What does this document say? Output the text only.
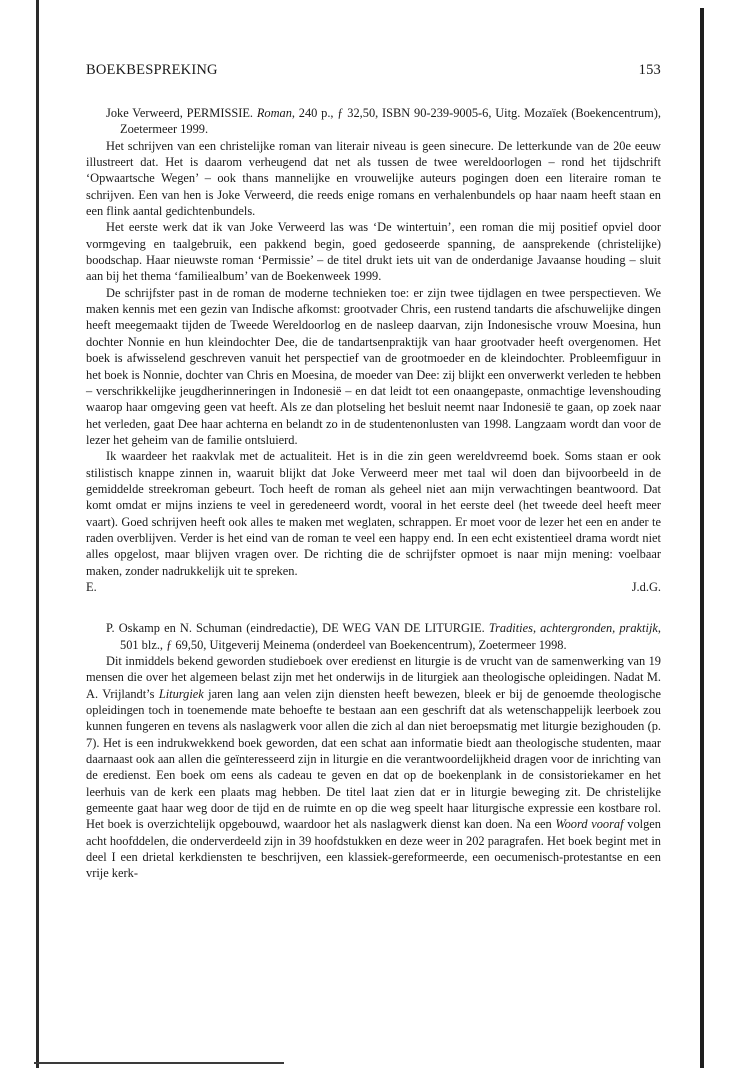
BOEKBESPREKING	153

Joke Verweerd, PERMISSIE. Roman, 240 p., ƒ 32,50, ISBN 90-239-9005-6, Uitg. Mozaïek (Boekencentrum), Zoetermeer 1999.

Het schrijven van een christelijke roman van literair niveau is geen sinecure. De letterkunde van de 20e eeuw illustreert dat. Het is daarom verheugend dat net als tussen de twee wereldoorlogen – rond het tijdschrift ‘Opwaartsche Wegen’ – ook thans mannelijke en vrouwelijke auteurs pogingen doen een literaire roman te schrijven. Een van hen is Joke Verweerd, die reeds enige romans en verhalenbundels op haar naam heeft staan en een flink aantal gedichtenbundels.

Het eerste werk dat ik van Joke Verweerd las was ‘De wintertuin’, een roman die mij positief opviel door vormgeving en taalgebruik, een pakkend begin, goed gedoseerde spanning, de aansprekende (christelijke) boodschap. Haar nieuwste roman ‘Permissie’ – de titel drukt iets uit van de onderdanige Javaanse houding – sluit aan bij het thema ‘familiealbum’ van de Boekenweek 1999.

De schrijfster past in de roman de moderne technieken toe: er zijn twee tijdlagen en twee perspectieven. We maken kennis met een gezin van Indische afkomst: grootvader Chris, een rustend tandarts die afschuwelijke dingen heeft meegemaakt tijden de Tweede Wereldoorlog en de nasleep daarvan, zijn Indonesische vrouw Moesina, hun dochter Nonnie en hun kleindochter Dee, die de tandartsenpraktijk van haar grootvader heeft overgenomen. Het boek is afwisselend geschreven vanuit het perspectief van de grootmoeder en de kleindochter. Probleemfiguur in het boek is Nonnie, dochter van Chris en Moesina, de moeder van Dee: zij blijkt een onverwerkt verleden te hebben – verschrikkelijke jeugdherinneringen in Indonesië – en dat leidt tot een onaangepaste, onmachtige levenshouding waarop haar omgeving geen vat heeft. Als ze dan plotseling het besluit neemt naar Indonesië te gaan, op zoek naar het verleden, gaat Dee haar achterna en belandt zo in de studentenonlusten van 1998. Langzaam wordt dan voor de lezer het geheim van de familie ontsluierd.

Ik waardeer het raakvlak met de actualiteit. Het is in die zin geen wereldvreemd boek. Soms staan er ook stilistisch knappe zinnen in, waaruit blijkt dat Joke Verweerd meer met taal wil doen dan bijvoorbeeld in de gemiddelde streekroman gebeurt. Toch heeft de roman als geheel niet aan mijn verwachtingen beantwoord. Dat komt omdat er mijns inziens te veel in geredeneerd wordt, vooral in het eerste deel (het tweede deel heeft meer vaart). Goed schrijven heeft ook alles te maken met weglaten, schrappen. Er moet voor de lezer het een en ander te raden overblijven. Verder is het eind van de roman te veel een happy end. In een echt existentieel drama wordt niet alles opgelost, maar blijven vragen over. De richting die de schrijfster opmoet is naar mijn mening: voelbaar maken, zonder nadrukkelijk uit te spreken.

E.	J.d.G.

P. Oskamp en N. Schuman (eindredactie), DE WEG VAN DE LITURGIE. Tradities, achtergronden, praktijk, 501 blz., ƒ 69,50, Uitgeverij Meinema (onderdeel van Boekencentrum), Zoetermeer 1998.

Dit inmiddels bekend geworden studieboek over eredienst en liturgie is de vrucht van de samenwerking van 19 mensen die over het algemeen belast zijn met het onderwijs in de liturgiek aan theologische opleidingen. Nadat M. A. Vrijlandt’s Liturgiek jaren lang aan velen zijn diensten heeft bewezen, bleek er bij de genoemde theologische opleidingen toch in toenemende mate behoefte te bestaan aan een geschrift dat als wetenschappelijk leerboek zou kunnen fungeren en tevens als naslagwerk voor allen die zich al dan niet beroepsmatig met liturgie bezighouden (p. 7). Het is een indrukwekkend boek geworden, dat een schat aan informatie biedt aan theologische studenten, maar daarnaast ook aan allen die geïnteresseerd zijn in liturgie en die verantwoordelijkheid dragen voor de inrichting van de eredienst. Een boek om eens als cadeau te geven en dat op de boekenplank in de consistoriekamer en het leerhuis van de kerk een plaats mag hebben. De titel laat zien dat er in liturgie beweging zit. De christelijke gemeente gaat haar weg door de tijd en de ruimte en op die weg speelt haar liturgische expressie een kostbare rol. Het boek is overzichtelijk opgebouwd, waardoor het als naslagwerk dienst kan doen. Na een Woord vooraf volgen acht hoofddelen, die onderverdeeld zijn in 39 hoofdstukken en deze weer in 202 paragrafen. Het boek begint met in deel I een drietal kerkdiensten te beschrijven, een klassiek-gereformeerde, een oecumenisch-protestantse en een vrije kerk-
